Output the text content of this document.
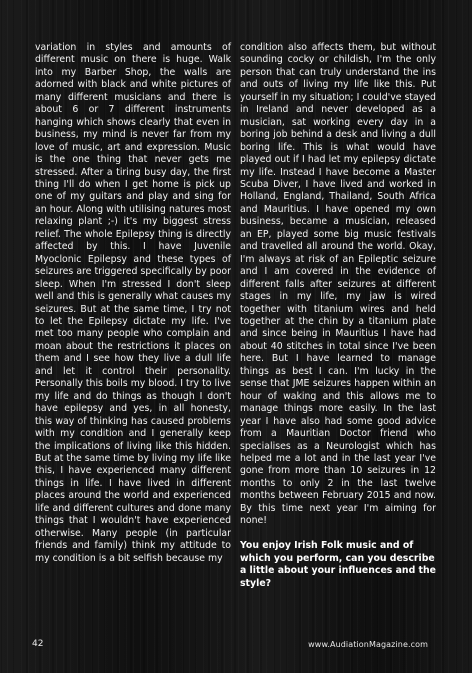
variation in styles and amounts of different music on there is huge. Walk into my Barber Shop, the walls are adorned with black and white pictures of many different musicians and there is about 6 or 7 different instruments hanging which shows clearly that even in business, my mind is never far from my love of music, art and expression. Music is the one thing that never gets me stressed. After a tiring busy day, the first thing I'll do when I get home is pick up one of my guitars and play and sing for an hour. Along with utilising natures most relaxing plant ;-) it's my biggest stress relief. The whole Epilepsy thing is directly affected by this. I have Juvenile Myoclonic Epilepsy and these types of seizures are triggered specifically by poor sleep. When I'm stressed I don't sleep well and this is generally what causes my seizures. But at the same time, I try not to let the Epilepsy dictate my life. I've met too many people who complain and moan about the restrictions it places on them and I see how they live a dull life and let it control their personality. Personally this boils my blood. I try to live my life and do things as though I don't have epilepsy and yes, in all honesty, this way of thinking has caused problems with my condition and I generally keep the implications of living like this hidden. But at the same time by living my life like this, I have experienced many different things in life. I have lived in different places around the world and experienced life and different cultures and done many things that I wouldn't have experienced otherwise. Many people (in particular friends and family) think my attitude to my condition is a bit selfish because my

condition also affects them, but without sounding cocky or childish, I'm the only person that can truly understand the ins and outs of living my life like this. Put yourself in my situation; I could've stayed in Ireland and never developed as a musician, sat working every day in a boring job behind a desk and living a dull boring life. This is what would have played out if I had let my epilepsy dictate my life. Instead I have become a Master Scuba Diver, I have lived and worked in Holland, England, Thailand, South Africa and Mauritius. I have opened my own business, became a musician, released an EP, played some big music festivals and travelled all around the world. Okay, I'm always at risk of an Epileptic seizure and I am covered in the evidence of different falls after seizures at different stages in my life, my jaw is wired together with titanium wires and held together at the chin by a titanium plate and since being in Mauritius I have had about 40 stitches in total since I've been here. But I have learned to manage things as best I can. I'm lucky in the sense that JME seizures happen within an hour of waking and this allows me to manage things more easily. In the last year I have also had some good advice from a Mauritian Doctor friend who specialises as a Neurologist which has helped me a lot and in the last year I've gone from more than 10 seizures in 12 months to only 2 in the last twelve months between February 2015 and now. By this time next year I'm aiming for none!

You enjoy Irish Folk music and of which you perform, can you describe a little about your influences and the style?

42	www.AudiationMagazine.com
